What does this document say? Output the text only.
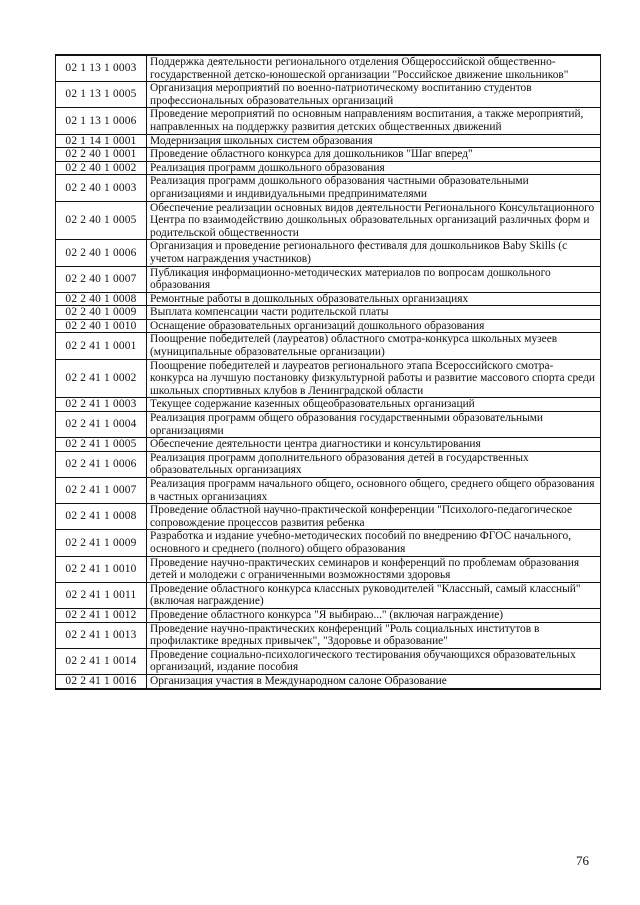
02 1 13 1 0003	Поддержка деятельности регионального отделения Общероссийской общественно-государственной детско-юношеской организации "Российское движение школьников"
02 1 13 1 0005	Организация мероприятий по военно-патриотическому воспитанию студентов профессиональных образовательных организаций
02 1 13 1 0006	Проведение мероприятий по основным направлениям воспитания, а также мероприятий, направленных на поддержку развития детских общественных движений
02 1 14 1 0001	Модернизация школьных систем образования
02 2 40 1 0001	Проведение областного конкурса для дошкольников "Шаг вперед"
02 2 40 1 0002	Реализация программ дошкольного образования
02 2 40 1 0003	Реализация программ дошкольного образования частными образовательными организациями и индивидуальными предпринимателями
02 2 40 1 0005	Обеспечение реализации основных видов деятельности Регионального Консультационного Центра по взаимодействию дошкольных образовательных организаций различных форм и родительской общественности
02 2 40 1 0006	Организация и проведение регионального фестиваля для дошкольников Baby Skills (с учетом награждения участников)
02 2 40 1 0007	Публикация информационно-методических материалов по вопросам дошкольного образования
02 2 40 1 0008	Ремонтные работы в дошкольных образовательных организациях
02 2 40 1 0009	Выплата компенсации части родительской платы
02 2 40 1 0010	Оснащение образовательных организаций дошкольного образования
02 2 41 1 0001	Поощрение победителей (лауреатов) областного смотра-конкурса школьных музеев (муниципальные образовательные организации)
02 2 41 1 0002	Поощрение победителей и лауреатов регионального этапа Всероссийского смотра-конкурса на лучшую постановку физкультурной работы и развитие массового спорта среди школьных спортивных клубов в Ленинградской области
02 2 41 1 0003	Текущее содержание казенных общеобразовательных организаций
02 2 41 1 0004	Реализация программ общего образования государственными образовательными организациями
02 2 41 1 0005	Обеспечение деятельности центра диагностики и консультирования
02 2 41 1 0006	Реализация программ дополнительного образования детей в государственных образовательных организациях
02 2 41 1 0007	Реализация программ начального общего, основного общего, среднего общего образования в частных организациях
02 2 41 1 0008	Проведение областной научно-практической конференции "Психолого-педагогическое сопровождение процессов развития ребенка
02 2 41 1 0009	Разработка и издание учебно-методических пособий по внедрению ФГОС начального, основного и среднего (полного) общего образования
02 2 41 1 0010	Проведение научно-практических семинаров и конференций по проблемам образования детей и молодежи с ограниченными возможностями здоровья
02 2 41 1 0011	Проведение областного конкурса классных руководителей "Классный, самый классный" (включая награждение)
02 2 41 1 0012	Проведение областного конкурса "Я выбираю..." (включая награждение)
02 2 41 1 0013	Проведение научно-практических конференций "Роль социальных институтов в профилактике вредных привычек", "Здоровье и образование"
02 2 41 1 0014	Проведение социально-психологического тестирования обучающихся образовательных организаций, издание пособия
02 2 41 1 0016	Организация участия в Международном салоне Образование
76
